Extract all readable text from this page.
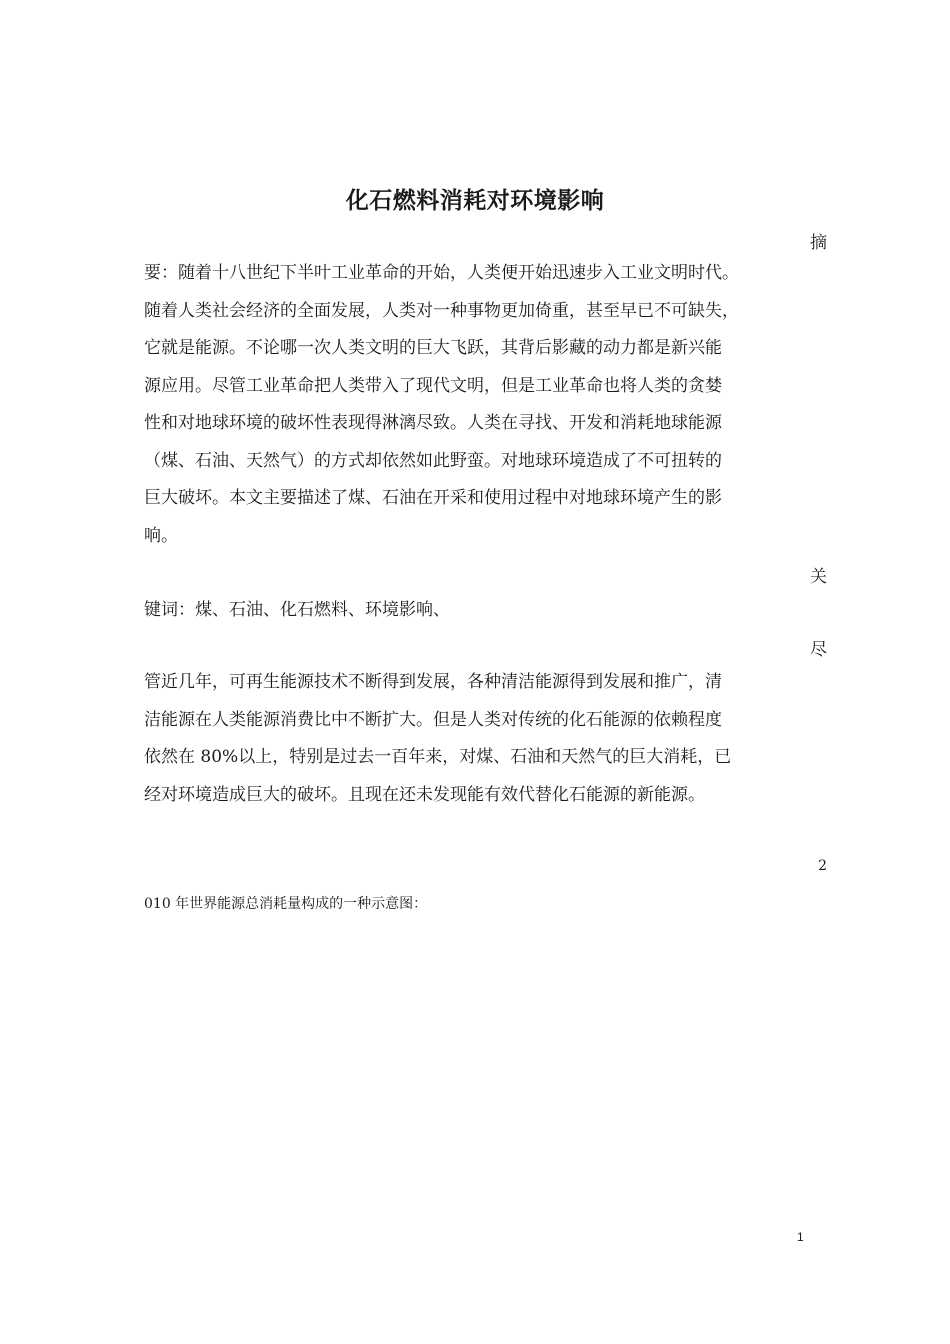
化石燃料消耗对环境影响
摘
要：随着十八世纪下半叶工业革命的开始，人类便开始迅速步入工业文明时代。
随着人类社会经济的全面发展，人类对一种事物更加倚重，甚至早已不可缺失，
它就是能源。不论哪一次人类文明的巨大飞跃，其背后影藏的动力都是新兴能
源应用。尽管工业革命把人类带入了现代文明，但是工业革命也将人类的贪婪
性和对地球环境的破坏性表现得淋漓尽致。人类在寻找、开发和消耗地球能源
（煤、石油、天然气）的方式却依然如此野蛮。对地球环境造成了不可扭转的
巨大破坏。本文主要描述了煤、石油在开采和使用过程中对地球环境产生的影
响。
关
键词：煤、石油、化石燃料、环境影响、
尽
管近几年，可再生能源技术不断得到发展，各种清洁能源得到发展和推广，清
洁能源在人类能源消费比中不断扩大。但是人类对传统的化石能源的依赖程度
依然在 80%以上，特别是过去一百年来，对煤、石油和天然气的巨大消耗，已
经对环境造成巨大的破坏。且现在还未发现能有效代替化石能源的新能源。
2
010 年世界能源总消耗量构成的一种示意图：
1
